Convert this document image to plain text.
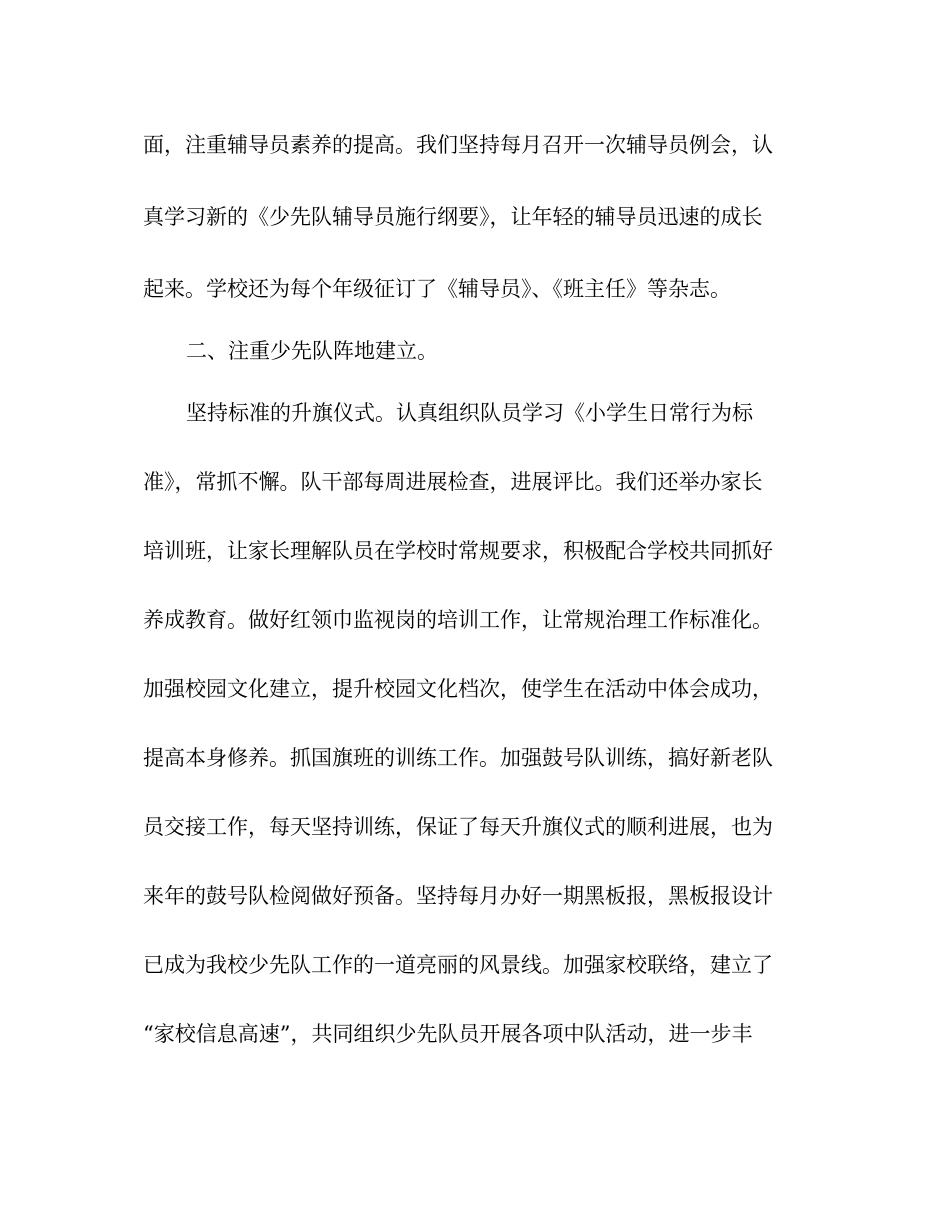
面，注重辅导员素养的提高。我们坚持每月召开一次辅导员例会，认
真学习新的《少先队辅导员施行纲要》，让年轻的辅导员迅速的成长
起来。学校还为每个年级征订了《辅导员》、《班主任》等杂志。
二、注重少先队阵地建立。
坚持标准的升旗仪式。认真组织队员学习《小学生日常行为标
准》，常抓不懈。队干部每周进展检查，进展评比。我们还举办家长
培训班，让家长理解队员在学校时常规要求，积极配合学校共同抓好
养成教育。做好红领巾监视岗的培训工作，让常规治理工作标准化。
加强校园文化建立，提升校园文化档次，使学生在活动中体会成功，
提高本身修养。抓国旗班的训练工作。加强鼓号队训练，搞好新老队
员交接工作，每天坚持训练，保证了每天升旗仪式的顺利进展，也为
来年的鼓号队检阅做好预备。坚持每月办好一期黑板报，黑板报设计
已成为我校少先队工作的一道亮丽的风景线。加强家校联络，建立了
“家校信息高速”，共同组织少先队员开展各项中队活动，进一步丰
